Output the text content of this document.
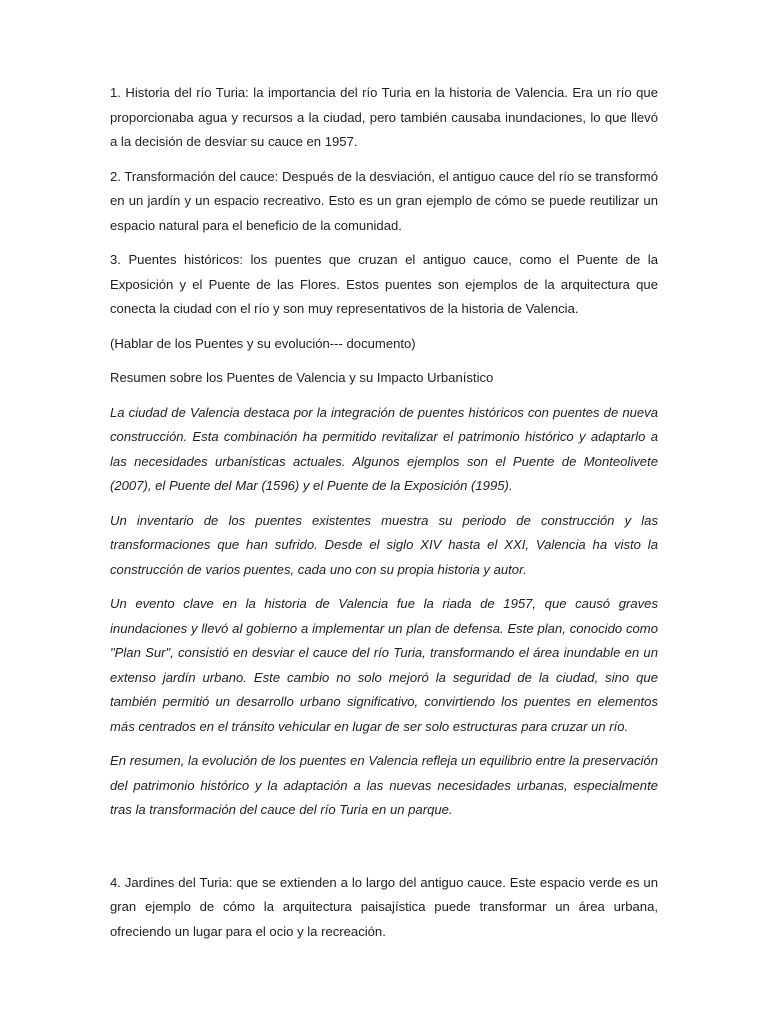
1. Historia del río Turia: la importancia del río Turia en la historia de Valencia. Era un río que proporcionaba agua y recursos a la ciudad, pero también causaba inundaciones, lo que llevó a la decisión de desviar su cauce en 1957.

2. Transformación del cauce: Después de la desviación, el antiguo cauce del río se transformó en un jardín y un espacio recreativo. Esto es un gran ejemplo de cómo se puede reutilizar un espacio natural para el beneficio de la comunidad.

3. Puentes históricos: los puentes que cruzan el antiguo cauce, como el Puente de la Exposición y el Puente de las Flores. Estos puentes son ejemplos de la arquitectura que conecta la ciudad con el río y son muy representativos de la historia de Valencia.

(Hablar de los Puentes y su evolución--- documento)

Resumen sobre los Puentes de Valencia y su Impacto Urbanístico

La ciudad de Valencia destaca por la integración de puentes históricos con puentes de nueva construcción. Esta combinación ha permitido revitalizar el patrimonio histórico y adaptarlo a las necesidades urbanísticas actuales. Algunos ejemplos son el Puente de Monteolivete (2007), el Puente del Mar (1596) y el Puente de la Exposición (1995).

Un inventario de los puentes existentes muestra su periodo de construcción y las transformaciones que han sufrido. Desde el siglo XIV hasta el XXI, Valencia ha visto la construcción de varios puentes, cada uno con su propia historia y autor.

Un evento clave en la historia de Valencia fue la riada de 1957, que causó graves inundaciones y llevó al gobierno a implementar un plan de defensa. Este plan, conocido como "Plan Sur", consistió en desviar el cauce del río Turia, transformando el área inundable en un extenso jardín urbano. Este cambio no solo mejoró la seguridad de la ciudad, sino que también permitió un desarrollo urbano significativo, convirtiendo los puentes en elementos más centrados en el tránsito vehicular en lugar de ser solo estructuras para cruzar un río.

En resumen, la evolución de los puentes en Valencia refleja un equilibrio entre la preservación del patrimonio histórico y la adaptación a las nuevas necesidades urbanas, especialmente tras la transformación del cauce del río Turia en un parque.

4. Jardines del Turia: que se extienden a lo largo del antiguo cauce. Este espacio verde es un gran ejemplo de cómo la arquitectura paisajística puede transformar un área urbana, ofreciendo un lugar para el ocio y la recreación.
